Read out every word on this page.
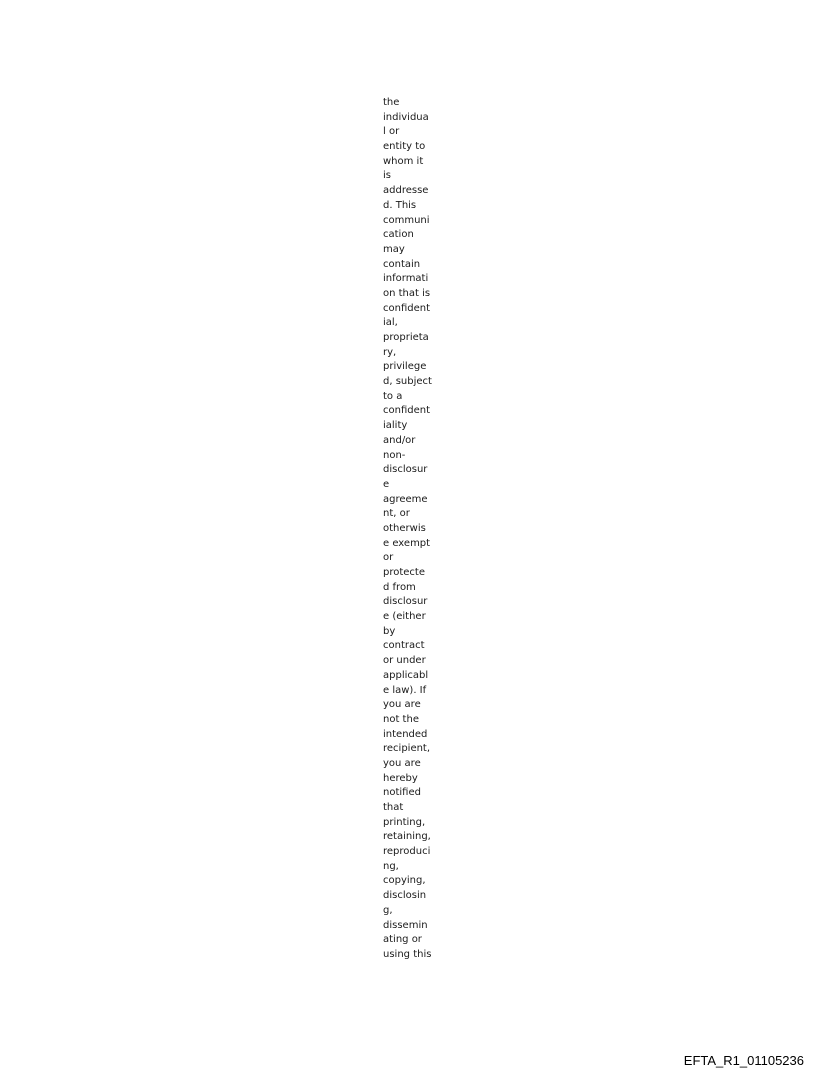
the
individua
l or
entity to
whom it
is
addresse
d. This
communi
cation
may
contain
informati
on that is
confident
ial,
proprieta
ry,
privilege
d, subject
to a
confident
iality
and/or
non-
disclosur
e
agreeme
nt, or
otherwis
e exempt
or
protecte
d from
disclosur
e (either
by
contract
or under
applicabl
e law). If
you are
not the
intended
recipient,
you are
hereby
notified
that
printing,
retaining,
reproduci
ng,
copying,
disclosin
g,
dissemin
ating or
using this
EFTA_R1_01105236
